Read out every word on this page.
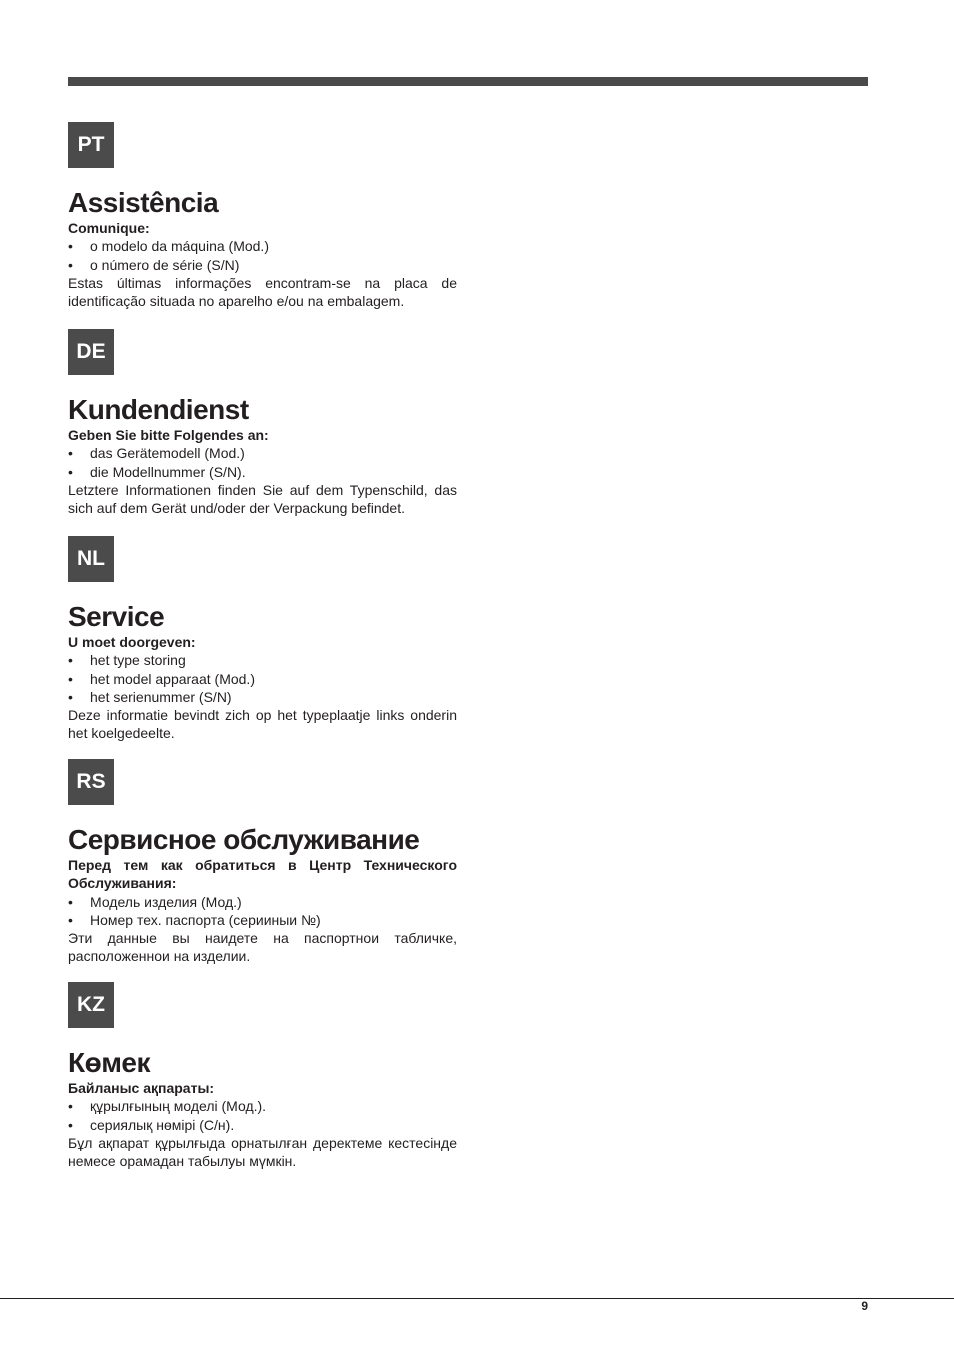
PT
Assistência

Comunique:

• o modelo da máquina (Mod.)
• o número de série (S/N)

Estas últimas informações encontram-se na placa de identificação situada no aparelho e/ou na embalagem.

DE
Kundendienst

Geben Sie bitte Folgendes an:

• das Gerätemodell (Mod.)
• die Modellnummer (S/N).

Letztere Informationen finden Sie auf dem Typenschild, das sich auf dem Gerät und/oder der Verpackung befindet.

NL
Service

U moet doorgeven:

• het type storing
• het model apparaat (Mod.)
• het serienummer (S/N)

Deze informatie bevindt zich op het typeplaatje links onderin het koelgedeelte.

RS
Сервисное обслуживание

Перед тем как обратиться в Центр Технического Обслуживания:

• Модель изделия (Мод.)
• Номер тех. паспорта (серииныи №)

Эти данные вы наидете на паспортнои табличке, расположеннои на изделии.

KZ
Көмек

Байланыс ақпараты:

• құрылғының моделі (Мод.).
• сериялық нөмірі (С/н).

Бұл ақпарат құрылғыда орнатылған деректеме кестесінде немесе орамадан табылуы мүмкін.

9
